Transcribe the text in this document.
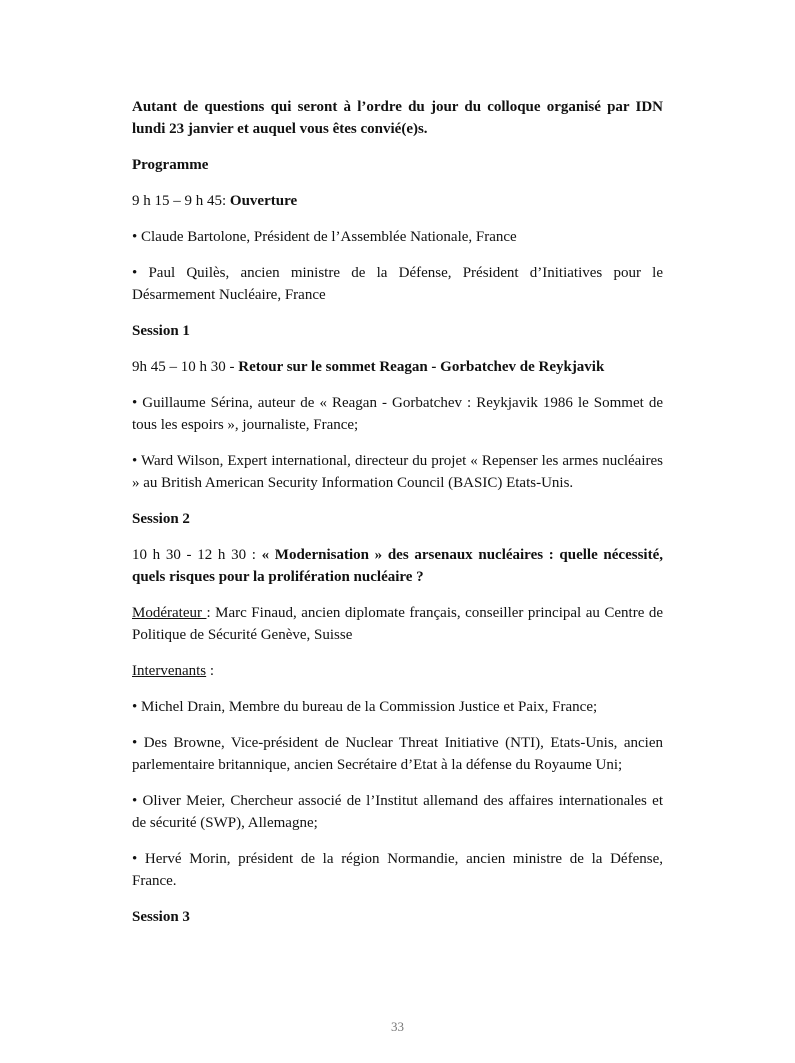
Autant de questions qui seront à l’ordre du jour du colloque organisé par IDN lundi 23 janvier et auquel vous êtes convié(e)s.

Programme

9 h 15 – 9 h 45: Ouverture

• Claude Bartolone, Président de l’Assemblée Nationale, France

• Paul Quilès, ancien ministre de la Défense, Président d’Initiatives pour le Désarmement Nucléaire, France

Session 1

9h 45 – 10 h 30 - Retour sur le sommet Reagan - Gorbatchev de Reykjavik

• Guillaume Sérina, auteur de « Reagan - Gorbatchev : Reykjavik 1986 le Sommet de tous les espoirs », journaliste, France;

• Ward Wilson, Expert international, directeur du projet « Repenser les armes nucléaires » au British American Security Information Council (BASIC) Etats-Unis.

Session 2

10 h 30 - 12 h 30 : « Modernisation » des arsenaux nucléaires : quelle nécessité, quels risques pour la prolifération nucléaire ?

Modérateur : Marc Finaud, ancien diplomate français, conseiller principal au Centre de Politique de Sécurité Genève, Suisse

Intervenants :

• Michel Drain, Membre du bureau de la Commission Justice et Paix, France;

• Des Browne, Vice-président de Nuclear Threat Initiative (NTI), Etats-Unis, ancien parlementaire britannique, ancien Secrétaire d’Etat à la défense du Royaume Uni;

• Oliver Meier, Chercheur associé de l’Institut allemand des affaires internationales et de sécurité (SWP), Allemagne;

• Hervé Morin, président de la région Normandie, ancien ministre de la Défense, France.

Session 3

33
